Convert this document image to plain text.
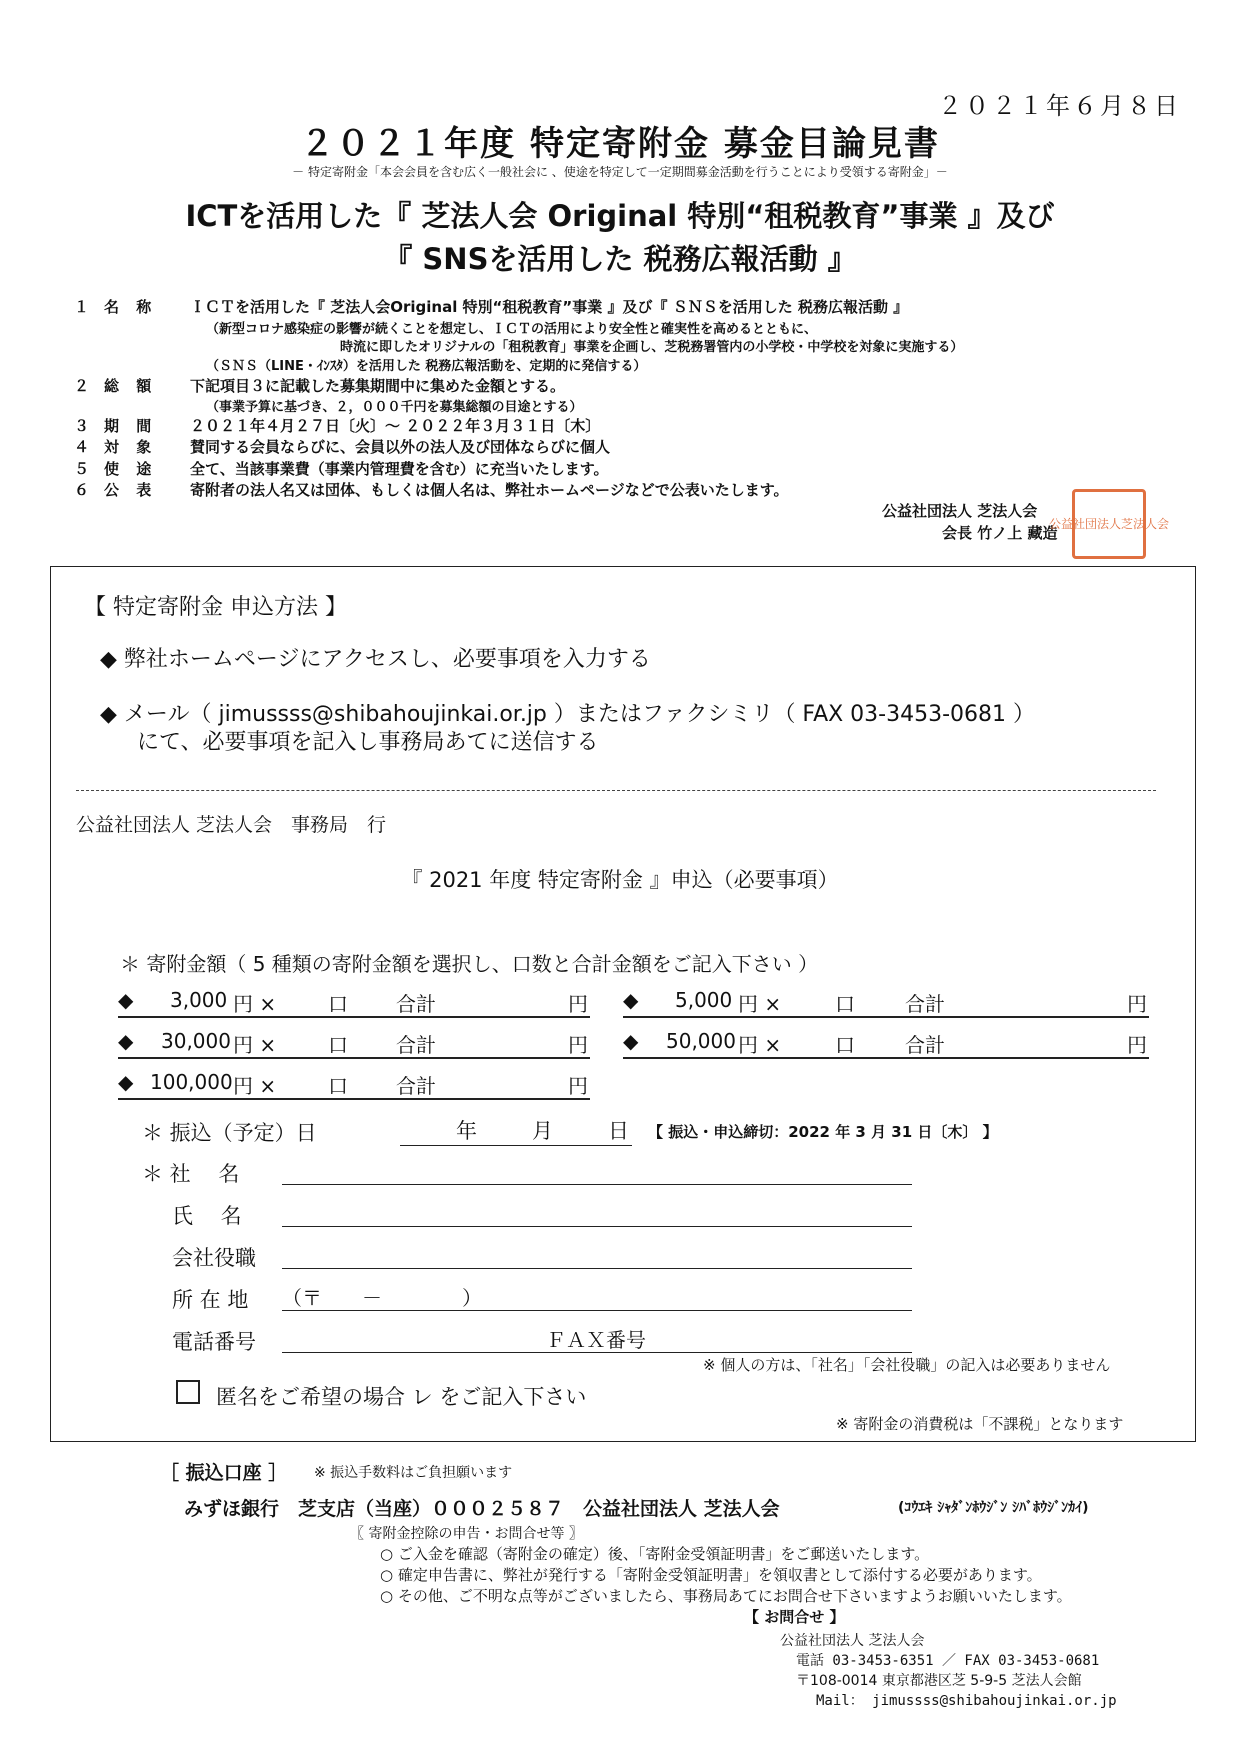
２０２１年６月８日
２０２１年度 特定寄附金 募金目論見書
－ 特定寄附金「本会会員を含む広く一般社会に 、使途を特定して一定期間募金活動を行うことにより受領する寄附金」－
ICTを活用した『 芝法人会 Original 特別“租税教育”事業 』及び
『 SNSを活用した 税務広報活動 』
１ 名 称 ＩＣＴを活用した『 芝法人会Original 特別“租税教育”事業 』及び『 ＳＮＳを活用した 税務広報活動 』
（新型コロナ感染症の影響が続くことを想定し、ＩＣＴの活用により安全性と確実性を高めるとともに、
時流に即したオリジナルの「租税教育」事業を企画し、芝税務署管内の小学校・中学校を対象に実施する）
（ＳＮＳ（LINE・ｲﾝｽﾀ）を活用した 税務広報活動を、定期的に発信する）
２ 総 額 下記項目３に記載した募集期間中に集めた金額とする。
（事業予算に基づき、２，０００千円を募集総額の目途とする）
３ 期 間 ２０２１年４月２７日〔火〕～ ２０２２年３月３１日〔木〕
４ 対 象 賛同する会員ならびに、会員以外の法人及び団体ならびに個人
５ 使 途 全て、当該事業費（事業内管理費を含む）に充当いたします。
６ 公 表 寄附者の法人名又は団体、もしくは個人名は、弊社ホームページなどで公表いたします。
公益社団法人 芝法人会
会長 竹ノ上 藏造
公益社団法人芝法人会
【 特定寄附金 申込方法 】
◆ 弊社ホームページにアクセスし、必要事項を入力する
◆ メール（ jimussss@shibahoujinkai.or.jp ）またはファクシミリ（ FAX 03-3453-0681 ）
にて、必要事項を記入し事務局あてに送信する
公益社団法人 芝法人会　事務局　行
『 2021 年度 特定寄附金 』申込（必要事項）
＊ 寄附金額（ 5 種類の寄附金額を選択し、口数と合計金額をご記入下さい ）
◆ 3,000 円 ×	口 合計	円 ◆ 5,000 円 ×	口	合計	円
◆ 30,000 円 ×	口 合計	円 ◆ 50,000 円 ×	口	合計	円
◆ 100,000 円 ×	口 合計	円
＊ 振込（予定）日	年	月	日 【 振込・申込締切：2022 年 3 月 31 日〔木〕 】
＊ 社　 名
氏　 名
会社役職
所 在 地 （〒　　－　　　　）
電話番号	ＦＡＸ番号
※ 個人の方は、「社名」「会社役職」の記入は必要ありません
匿名をご希望の場合 レ をご記入下さい
※ 寄附金の消費税は「不課税」となります
［ 振込口座 ］ ※ 振込手数料はご負担願います
みずほ銀行　芝支店（当座）０００２５８７　公益社団法人 芝法人会	(ｺｳｴｷ ｼｬﾀﾞﾝﾎｳｼﾞﾝ ｼﾊﾞﾎｳｼﾞﾝｶｲ)
〖 寄附金控除の申告・お問合せ等 〗
○ ご入金を確認（寄附金の確定）後、「寄附金受領証明書」をご郵送いたします。
○ 確定申告書に、弊社が発行する「寄附金受領証明書」を領収書として添付する必要があります。
○ その他、ご不明な点等がございましたら、事務局あてにお問合せ下さいますようお願いいたします。
【 お問合せ 】
公益社団法人 芝法人会
電話 03-3453-6351 ／ FAX 03-3453-0681
〒108-0014 東京都港区芝 5-9-5 芝法人会館
Mail： jimussss@shibahoujinkai.or.jp
